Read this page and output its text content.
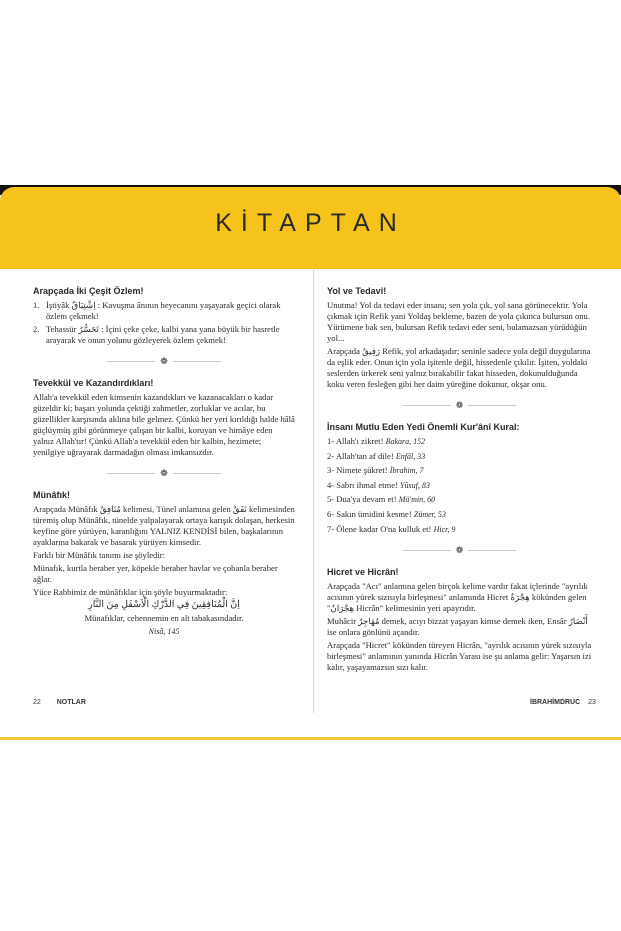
KİTAPTAN
Arapçada İki Çeşit Özlem!
1. İştiyâk اِشْتِيَاقٌ : Kavuşma ânının heyecanını yaşayarak geçici olarak özlem çekmek!
2. Tehassür تَحَسُّرٌ : İçini çeke çeke, kalbi yana yana büyük bir hasretle arayarak ve onun yolunu gözleyerek özlem çekmek!
❁
Tevekkül ve Kazandırdıkları!

Allah'a tevekkül eden kimsenin kazandıkları ve kazanacakları o kadar güzeldir ki; başarı yolunda çektiği zahmetler, zorluklar ve acılar, bu güzellikler karşısında aklına bile gelmez. Çünkü her yeri kırıldığı halde hâlâ güçlüymüş gibi görünmeye çalışan bir kalbi, koruyan ve himâye eden yalnız Allah'tır! Çünkü Allah'a tevekkül eden bir kalbin, hezimete; yenilgiye uğrayarak darmadağın olması imkansızdır.

❁
Münâfık!

Arapçada Münâfık مُنَافِقٌ kelimesi, Tünel anlamına gelen نَفَقٌ kelimesinden türemiş olup Münâfık, tünelde yalpalayarak ortaya karışık dolaşan, herkesin keyfine göre yürüyen, karanlığını YALNIZ KENDİSİ bilen, başkalarının ayaklarına bakarak ve basarak yürüyen kimsedir.

Farklı bir Münâfık tanımı ise şöyledir:

Münafık, kurtla beraber yer, köpekle beraber havlar ve çobanla beraber ağlar.

Yüce Rabbimiz de münâfıklar için şöyle buyurmaktadır:

اِنَّ الْمُنَافِقِينَ فِي الدَّرْكِ الْاَسْفَلِ مِنَ النَّارِ

Münafıklar, cehennemin en alt tabakasındadır.

Nisâ, 145

22 NOTLAR
Yol ve Tedavi!

Unutma! Yol da tedavi eder insanı; sen yola çık, yol sana görünecektir. Yola çıkmak için Refik yani Yoldaş bekleme, bazen de yola çıkınca bulursun onu. Yürümene bak sen, bulursan Refik tedavi eder seni, bulamazsan yürüdüğün yol...

Arapçada رَفِيقٌ Refik, yol arkadaşıdır; seninle sadece yola değil duygularına da eşlik eder. Onun için yola işitenle değil, hissedenle çıkılır. İşiten, yoldaki seslerden ürkerek seni yalnız bırakabilir fakat hisseden, dokunulduğunda koku veren fesleğen gibi her daim yüreğine dokunur, okşar onu.

❁
İnsanı Mutlu Eden Yedi Önemli Kur'ânî Kural:

1- Allah'ı zikret! Bakara, 152

2- Allah'tan af dile! Enfâl, 33

3- Nimete şükret! İbrahim, 7

4- Sabrı ihmal etme! Yûsuf, 83

5- Dua'ya devam et! Mü'min, 60

6- Sakın ümidini kesme! Zümer, 53

7- Ölene kadar O'na kulluk et! Hicr, 9

❁
Hicret ve Hicrân!

Arapçada "Acı" anlamına gelen birçok kelime vardır fakat içlerinde "ayrılık acısının yürek sızısıyla birleşmesi" anlamında Hicret هِجْرَةٌ kökünden gelen "هِجْرَانٌ Hicrân" kelimesinin yeri apayrıdır.

Muhâcir مُهَاجِرٌ demek, acıyı bizzat yaşayan kimse demek iken, Ensâr أَنْصَارٌ ise onlara gönlünü açandır.

Arapçada "Hicret" kökünden türeyen Hicrân, "ayrılık acısının yürek sızısıyla birleşmesi" anlamının yanında Hicrân Yarası ise şu anlama gelir: Yaşarsın izi kalır, yaşayamazsın sızı kalır.

İBRAHİMDRUC 23
